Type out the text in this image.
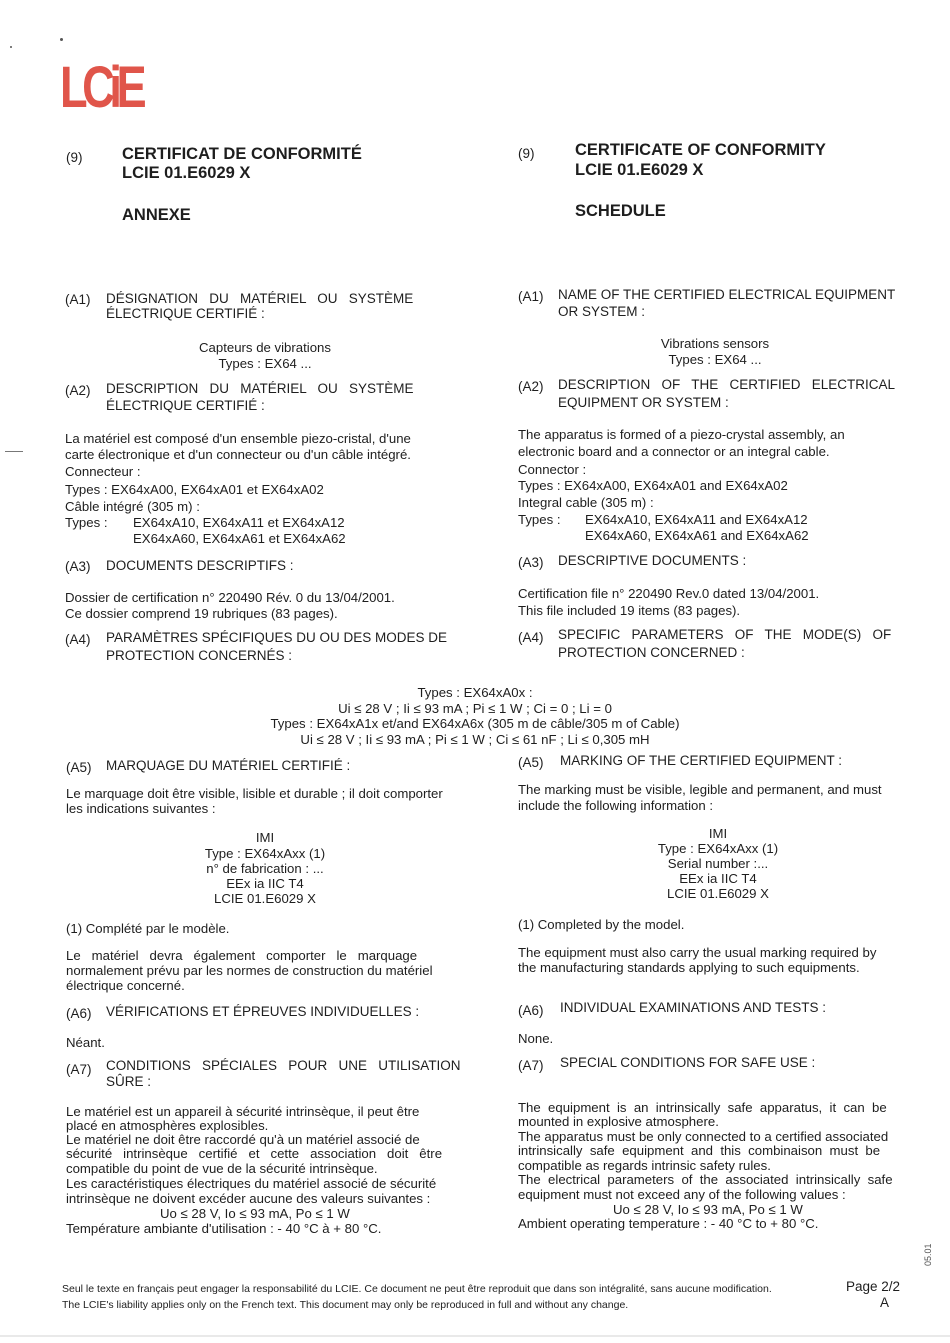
LCiE
(9) CERTIFICAT DE CONFORMITÉ
LCIE 01.E6029 X
ANNEXE
(A1) DÉSIGNATION   DU   MATÉRIEL   OU   SYSTÈME
ÉLECTRIQUE CERTIFIÉ :
Capteurs de vibrations
Types : EX64 ...
(A2) DESCRIPTION   DU   MATÉRIEL   OU   SYSTÈME
ÉLECTRIQUE CERTIFIÉ :
La matériel est composé d'un ensemble piezo-cristal, d'une
carte électronique et d'un connecteur ou d'un câble intégré.
Connecteur :
Types : EX64xA00, EX64xA01 et EX64xA02
Câble intégré (305 m) :
Types : EX64xA10, EX64xA11 et EX64xA12
EX64xA60, EX64xA61 et EX64xA62
(A3) DOCUMENTS DESCRIPTIFS :
Dossier de certification n° 220490 Rév. 0 du 13/04/2001.
Ce dossier comprend 19 rubriques (83 pages).
(A4) PARAMÈTRES SPÉCIFIQUES DU OU DES MODES DE
PROTECTION CONCERNÉS :
(A5) MARQUAGE DU MATÉRIEL CERTIFIÉ :
Le marquage doit être visible, lisible et durable ; il doit comporter
les indications suivantes :
IMI
Type : EX64xAxx (1)
n° de fabrication : ...
EEx ia IIC T4
LCIE 01.E6029 X
(1) Complété par le modèle.
Le   matériel   devra   également   comporter   le   marquage
normalement prévu par les normes de construction du matériel
électrique concerné.
(A6) VÉRIFICATIONS ET ÉPREUVES INDIVIDUELLES :
Néant.
(A7) CONDITIONS   SPÉCIALES   POUR   UNE   UTILISATION
SÛRE :
Le matériel est un appareil à sécurité intrinsèque, il peut être
placé en atmosphères explosibles.
Le matériel ne doit être raccordé qu'à un matériel associé de
sécurité   intrinsèque   certifié   et   cette   association   doit   être
compatible du point de vue de la sécurité intrinsèque.
Les caractéristiques électriques du matériel associé de sécurité
intrinsèque ne doivent excéder aucune des valeurs suivantes :
Uo ≤ 28 V, Io ≤ 93 mA, Po ≤ 1 W
Température ambiante d'utilisation : - 40 °C à + 80 °C.
(9) CERTIFICATE OF CONFORMITY
LCIE 01.E6029 X
SCHEDULE
(A1) NAME OF THE CERTIFIED ELECTRICAL EQUIPMENT
OR SYSTEM :
Vibrations sensors
Types : EX64 ...
(A2) DESCRIPTION   OF   THE   CERTIFIED   ELECTRICAL
EQUIPMENT OR SYSTEM :
The apparatus is formed of a piezo-crystal assembly, an
electronic board and a connector or an integral cable.
Connector :
Types : EX64xA00, EX64xA01 and EX64xA02
Integral cable (305 m) :
Types : EX64xA10, EX64xA11 and EX64xA12
EX64xA60, EX64xA61 and EX64xA62
(A3) DESCRIPTIVE DOCUMENTS :
Certification file n° 220490 Rev.0 dated 13/04/2001.
This file included 19 items (83 pages).
(A4) SPECIFIC   PARAMETERS   OF   THE   MODE(S)   OF
PROTECTION CONCERNED :
(A5) MARKING OF THE CERTIFIED EQUIPMENT :
The marking must be visible, legible and permanent, and must
include the following information :
IMI
Type : EX64xAxx (1)
Serial number :...
EEx ia IIC T4
LCIE 01.E6029 X
(1) Completed by the model.
The equipment must also carry the usual marking required by
the manufacturing standards applying to such equipments.
(A6) INDIVIDUAL EXAMINATIONS AND TESTS :
None.
(A7) SPECIAL CONDITIONS FOR SAFE USE :
The  equipment  is  an  intrinsically  safe  apparatus,  it  can  be
mounted in explosive atmosphere.
The apparatus must be only connected to a certified associated
intrinsically  safe  equipment  and  this  combinaison  must  be
compatible as regards intrinsic safety rules.
The  electrical  parameters  of  the  associated  intrinsically  safe
equipment must not exceed any of the following values :
Uo ≤ 28 V, Io ≤ 93 mA, Po ≤ 1 W
Ambient operating temperature : - 40 °C to + 80 °C.
Types : EX64xA0x :
Ui ≤ 28 V ; Ii ≤ 93 mA ; Pi ≤ 1 W ; Ci = 0 ; Li = 0
Types : EX64xA1x et/and EX64xA6x (305 m de câble/305 m of Cable)
Ui ≤ 28 V ; Ii ≤ 93 mA ; Pi ≤ 1 W ; Ci ≤ 61 nF ; Li ≤ 0,305 mH
Seul le texte en français peut engager la responsabilité du LCIE. Ce document ne peut être reproduit que dans son intégralité, sans aucune modification.
The LCIE's liability applies only on the French text. This document may only be reproduced in full and without any change.
Page 2/2
A
05.01
